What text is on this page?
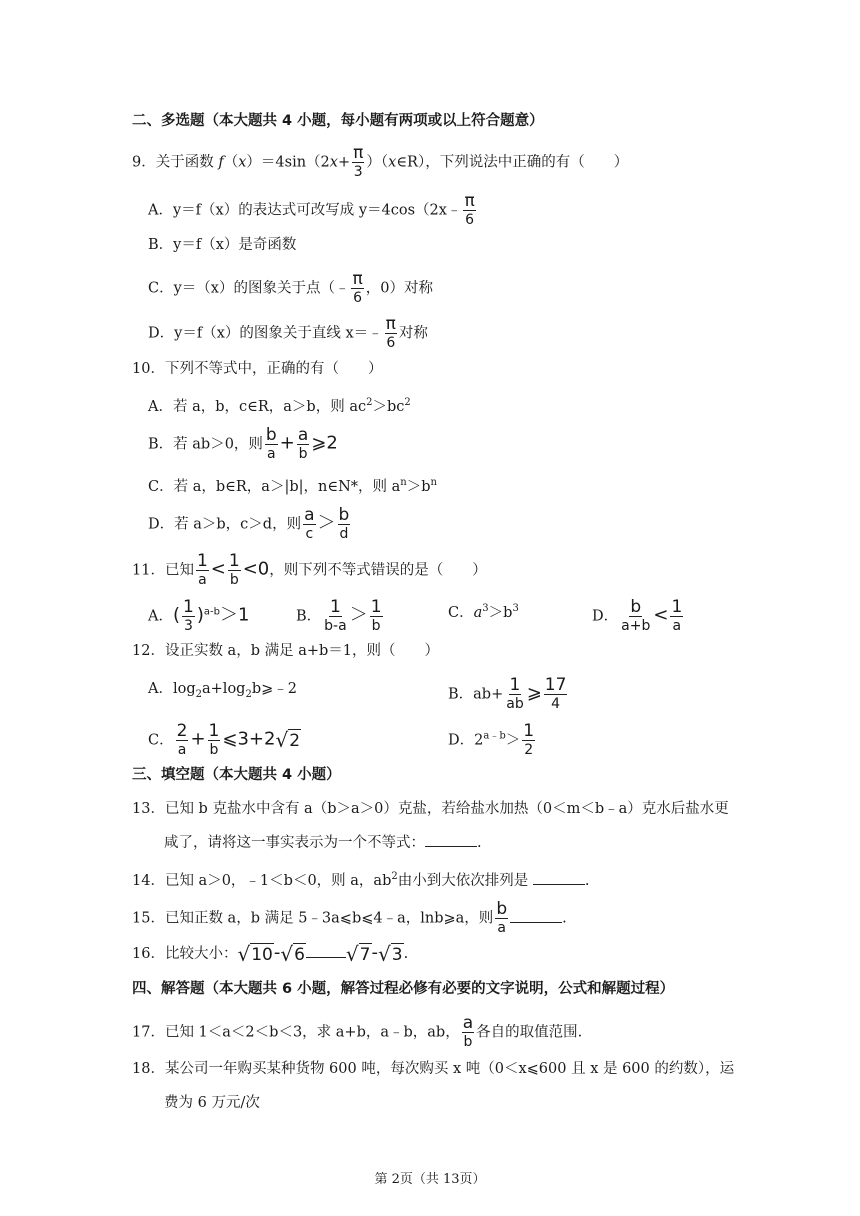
二、多选题（本大题共 4 小题，每小题有两项或以上符合题意）
9．关于函数 $f(x)=4\sin(2x+ \frac{\pi}{3}$ ）（x∈R），下列说法中正确的有（　　）
A．y＝f（x）的表达式可改写成 y＝4cos（2x﹣ $\frac{\pi}{6}$
B．y＝f（x）是奇函数
C．y＝（x）的图象关于点（﹣ $\frac{\pi}{6}$ ，0）对称
D．y＝f（x）的图象关于直线 x＝﹣ $\frac{\pi}{6}$ 对称
10．下列不等式中，正确的有（　　）
A．若 a，b，c∈R，a＞b，则 $ac^2>bc^2$
B．若 ab＞0，则 $\frac{b}{a} + \frac{a}{b}$ ⩾2
C．若 a，b∈R，a＞|b|，n∈N*，则 $a^n>b^n$
D．若 a＞b，c＞d，则 $\frac{a}{c} > \frac{b}{d}$
11．已知 $\frac{1}{a} < \frac{1}{b} <0$，则下列不等式错误的是（　　）
A．( $\frac{1}{3} )^{a-b}>1$	B． $\frac{1}{b-a} > \frac{1}{b}$	C．$a^3>b^3$	D． $\frac{b}{a+b} < \frac{1}{a}$
12．设正实数 a，b 满足 a+b＝1，则（　　）
A．$\log_2a+\log_2b⩾﹣2$	B．$ab+ \frac{1}{ab}$ ⩾ $\frac{17}{4}$
C． $\frac{2}{a} + \frac{1}{b}$ ⩽3+2 √ 2	D．$2^{a﹣b}> \frac{1}{2}$
三、填空题（本大题共 4 小题）
13．已知 b 克盐水中含有 a（b＞a＞0）克盐，若给盐水加热（0＜m＜b﹣a）克水后盐水更
咸了，请将这一事实表示为一个不等式：	.
14．已知 a＞0，﹣1＜b＜0，则 a，$ab^2$由小到大依次排列是	.
15．已知正数 a，b 满足 5﹣3a⩽b⩽4﹣a，lnb⩾a，则 $\frac{b}{a}$	.
16．比较大小： √ 10 - √ 6 √ 7 - √ 3 .
四、解答题（本大题共 6 小题，解答过程必修有必要的文字说明，公式和解题过程）
17．已知 1＜a＜2＜b＜3，求 a+b，a﹣b，ab， $\frac{a}{b}$ 各自的取值范围.
18．某公司一年购买某种货物 600 吨，每次购买 x 吨（0＜x⩽600 且 x 是 600 的约数），运
费为 6 万元/次
第 2页（共 13页）
